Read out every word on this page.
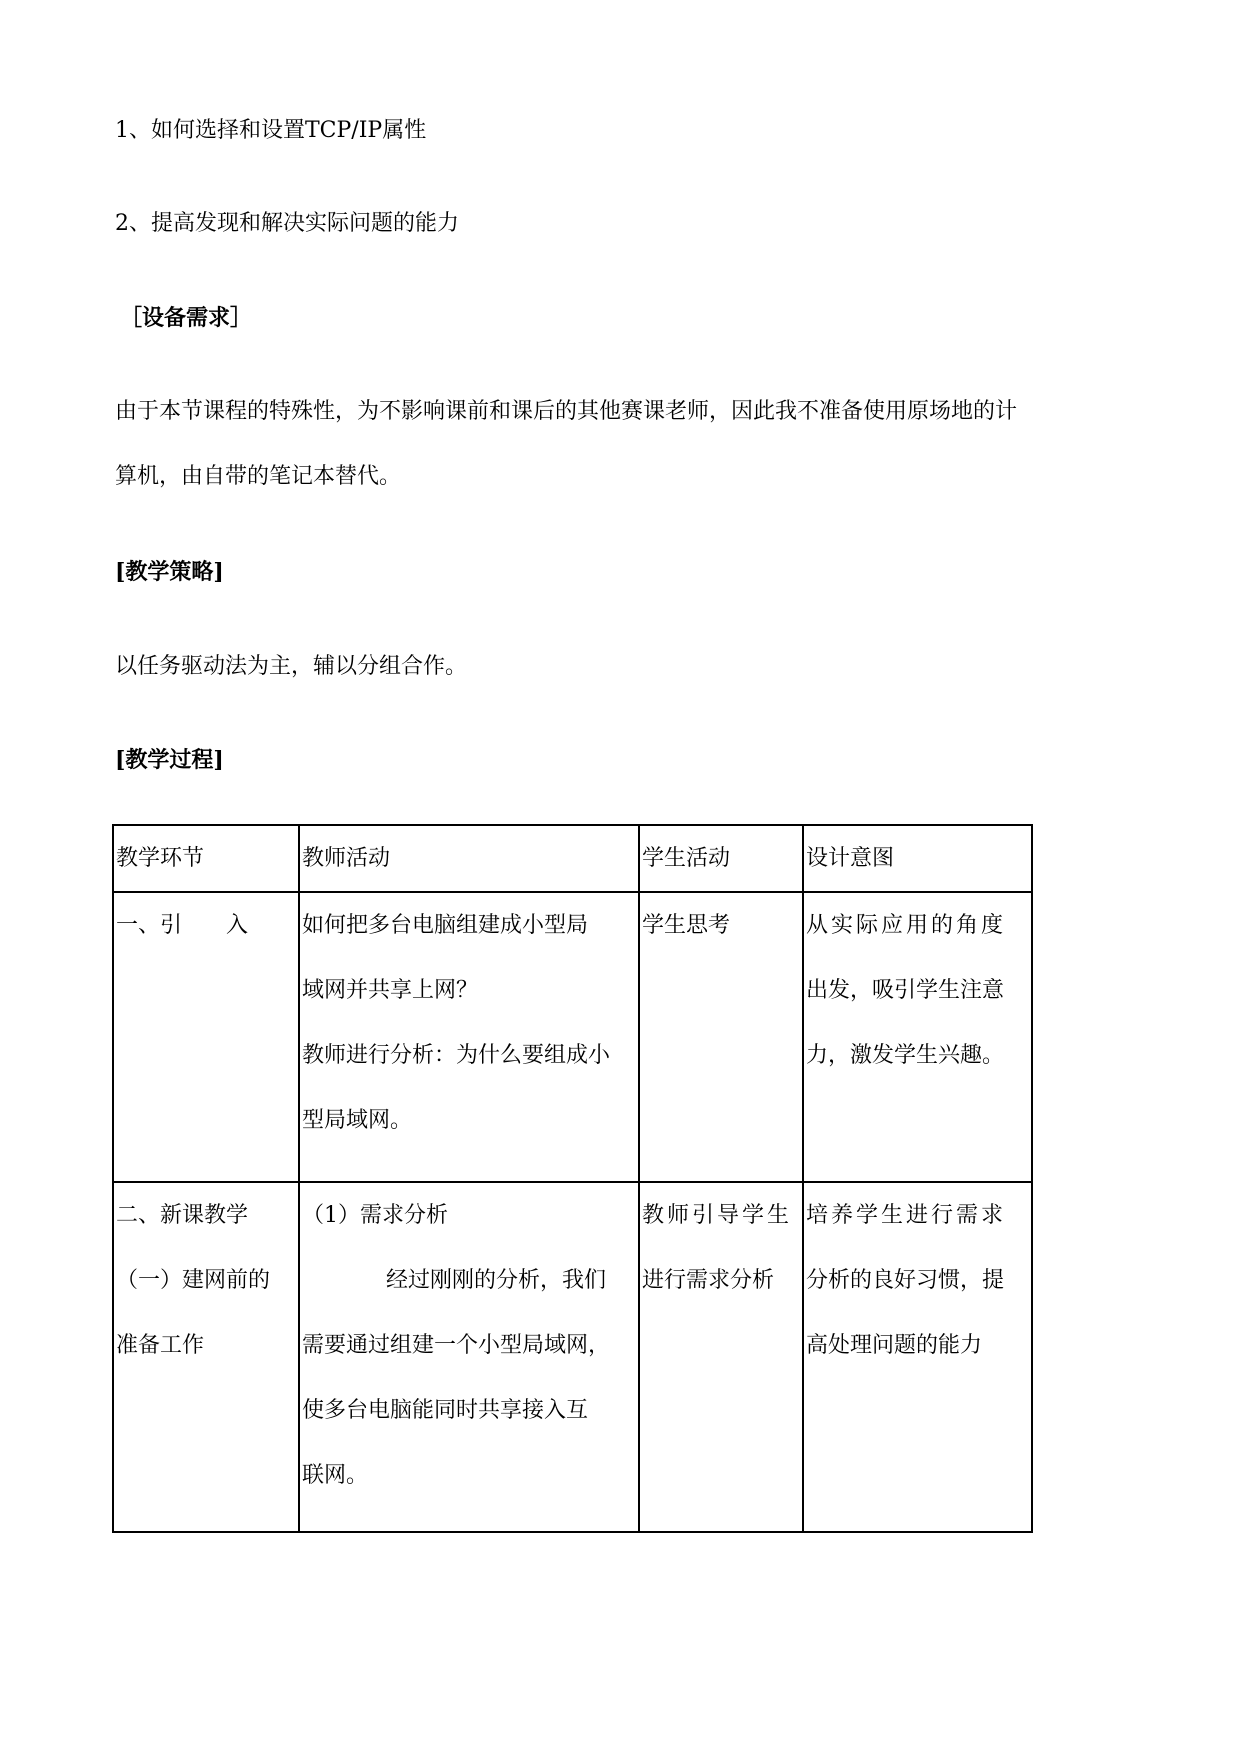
1、如何选择和设置TCP/IP属性
2、提高发现和解决实际问题的能力
［设备需求］
由于本节课程的特殊性，为不影响课前和课后的其他赛课老师，因此我不准备使用原场地的计
算机，由自带的笔记本替代。
[教学策略]
以任务驱动法为主，辅以分组合作。
[教学过程]
教学环节	教师活动	学生活动	设计意图

一、引　　入	如何把多台电脑组建成小型局
域网并共享上网？
教师进行分析：为什么要组成小
型局域网。	学生思考	从实际应用的角度
出发，吸引学生注意
力，激发学生兴趣。

二、新课教学
（一）建网前的
准备工作	（1）需求分析
经过刚刚的分析，我们
需要通过组建一个小型局域网，
使多台电脑能同时共享接入互
联网。	教师引导学生
进行需求分析	培养学生进行需求
分析的良好习惯，提
高处理问题的能力
